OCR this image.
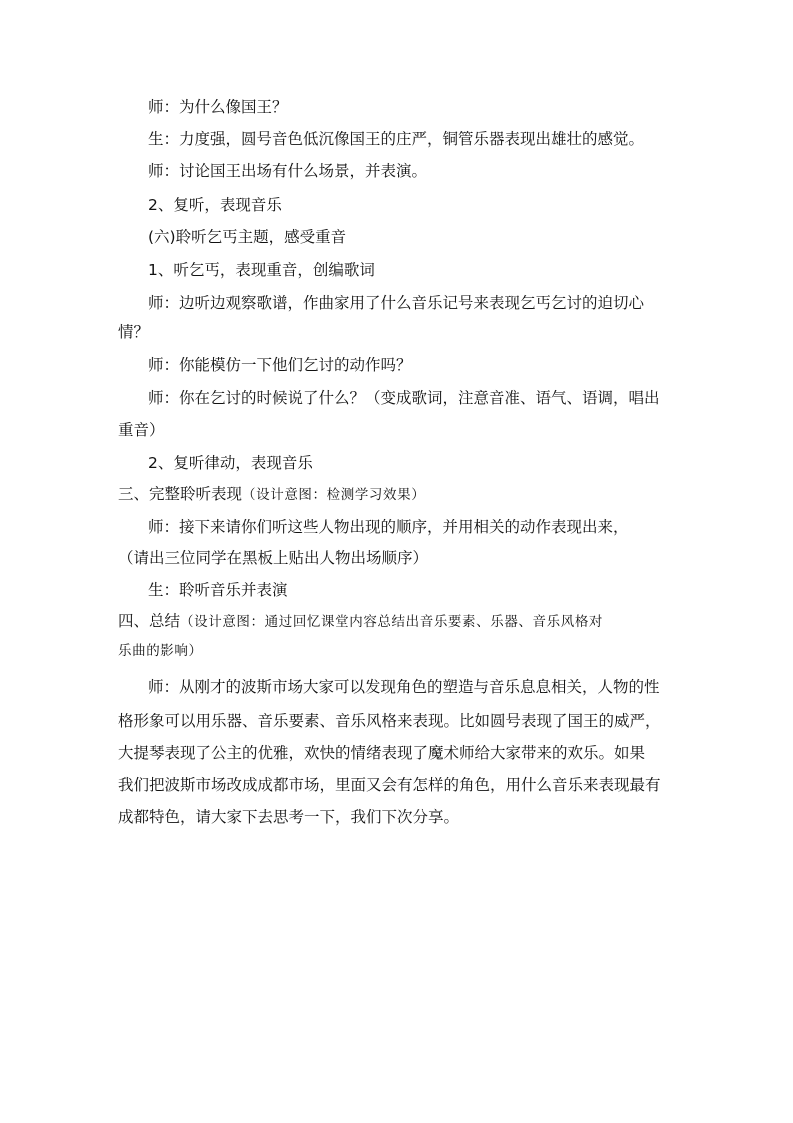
师：为什么像国王？
生：力度强，圆号音色低沉像国王的庄严，铜管乐器表现出雄壮的感觉。
师：讨论国王出场有什么场景，并表演。
2、复听，表现音乐
(六)聆听乞丐主题，感受重音
1、听乞丐，表现重音，创编歌词
师：边听边观察歌谱，作曲家用了什么音乐记号来表现乞丐乞讨的迫切心
情？
师：你能模仿一下他们乞讨的动作吗？
师：你在乞讨的时候说了什么？（变成歌词，注意音准、语气、语调，唱出
重音）
2、复听律动，表现音乐
三、完整聆听表现（设计意图：检测学习效果）
师：接下来请你们听这些人物出现的顺序，并用相关的动作表现出来，
（请出三位同学在黑板上贴出人物出场顺序）
生：聆听音乐并表演
四、总结（设计意图：通过回忆课堂内容总结出音乐要素、乐器、音乐风格对
乐曲的影响）
师：从刚才的波斯市场大家可以发现角色的塑造与音乐息息相关，人物的性
格形象可以用乐器、音乐要素、音乐风格来表现。比如圆号表现了国王的威严，
大提琴表现了公主的优雅，欢快的情绪表现了魔术师给大家带来的欢乐。如果
我们把波斯市场改成成都市场，里面又会有怎样的角色，用什么音乐来表现最有
成都特色，请大家下去思考一下，我们下次分享。
